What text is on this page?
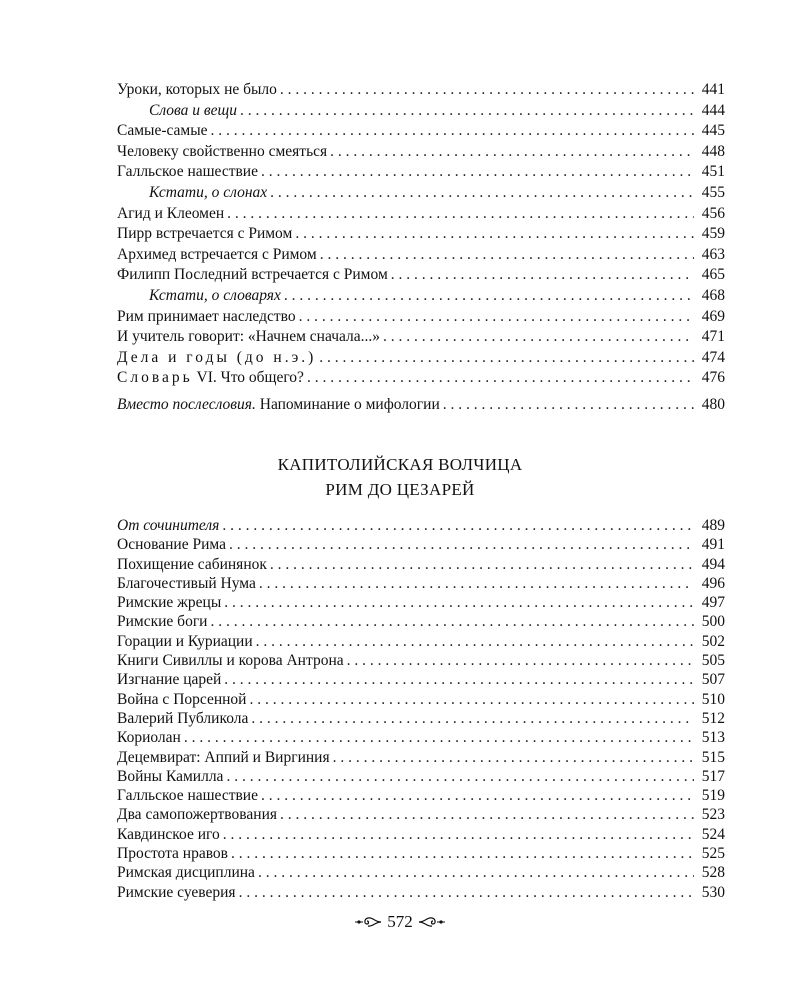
Уроки, которых не было . . .	441
Слова и вещи . . .	444
Самые-самые . . .	445
Человеку свойственно смеяться . . .	448
Галльское нашествие . . .	451
Кстати, о слонах . . .	455
Агид и Клеомен . . .	456
Пирр встречается с Римом . . .	459
Архимед встречается с Римом . . .	463
Филипп Последний встречается с Римом . . .	465
Кстати, о словарях . . .	468
Рим принимает наследство . . .	469
И учитель говорит: «Начнем сначала...» . . .	471
Дела и годы (до н.э.) . . .	474
Словарь VI. Что общего? . . .	476
Вместо послесловия. Напоминание о мифологии . . .	480
КАПИТОЛИЙСКАЯ ВОЛЧИЦА
РИМ ДО ЦЕЗАРЕЙ
От сочинителя . . .	489
Основание Рима . . .	491
Похищение сабинянок . . .	494
Благочестивый Нума . . .	496
Римские жрецы . . .	497
Римские боги . . .	500
Горации и Куриации . . .	502
Книги Сивиллы и корова Антрона . . .	505
Изгнание царей . . .	507
Война с Порсенной . . .	510
Валерий Публикола . . .	512
Кориолан . . .	513
Децемвират: Аппий и Виргиния . . .	515
Войны Камилла . . .	517
Галльское нашествие . . .	519
Два самопожертвования . . .	523
Кавдинское иго . . .	524
Простота нравов . . .	525
Римская дисциплина . . .	528
Римские суеверия . . .	530
572
